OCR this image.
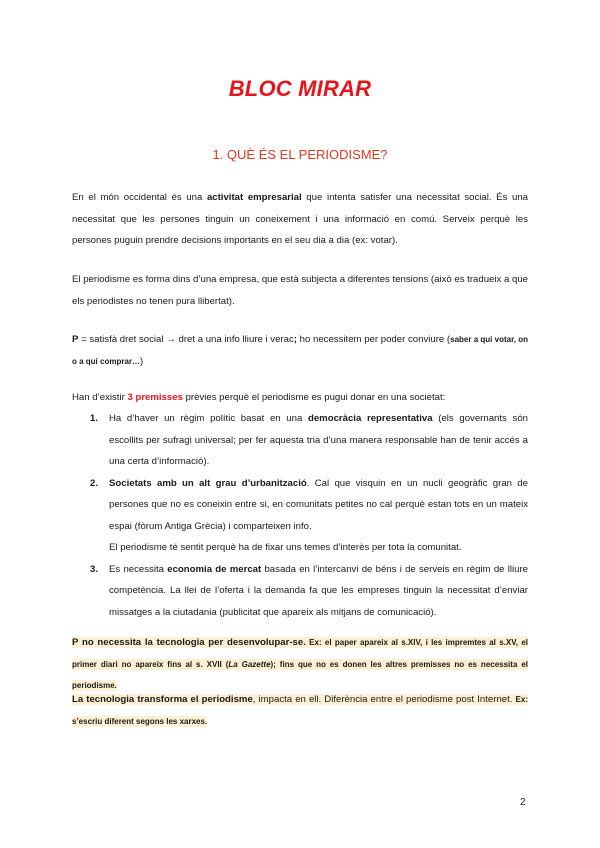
BLOC MIRAR
1. QUÈ ÉS EL PERIODISME?
En el món occidental és una activitat empresarial que intenta satisfer una necessitat social. És una necessitat que les persones tinguin un coneixement i una informació en comú. Serveix perquè les persones puguin prendre decisions importants en el seu dia a dia (ex: votar).
El periodisme es forma dins d’una empresa, que està subjecta a diferentes tensions (això es tradueix a que els periodistes no tenen pura llibertat).
P = satisfà dret social → dret a una info lliure i verac; ho necessitem per poder conviure (saber a qui votar, on o a qui comprar…)
Han d’existir 3 premisses prèvies perquè el periodisme es pugui donar en una societat:
1. Ha d’haver un règim polític basat en una democràcia representativa (els governants són escollits per sufragi universal; per fer aquesta tria d’una manera responsable han de tenir accés a una certa d’informació).

2. Societats amb un alt grau d’urbanització. Cal que visquin en un nucli geogràfic gran de persones que no es coneixin entre si, en comunitats petites no cal perquè estan tots en un mateix espai (fòrum Antiga Grècia) i comparteixen info.

El periodisme té sentit perquè ha de fixar uns temes d’interès per tota la comunitat.

3. Es necessita economia de mercat basada en l’intercanvi de béns i de serveis en règim de lliure competència. La llei de l’oferta i la demanda fa que les empreses tinguin la necessitat d’enviar missatges a la ciutadania (publicitat que apareix als mitjans de comunicació).

P no necessita la tecnologia per desenvolupar-se. Ex: el paper apareix al s.XIV, i les impremtes al s.XV, el primer diari no apareix fins al s. XVII (La Gazette); fins que no es donen les altres premisses no es necessita el periodisme.
La tecnologia transforma el periodisme, impacta en ell. Diferència entre el periodisme post Internet. Ex: s’escriu diferent segons les xarxes.
2
